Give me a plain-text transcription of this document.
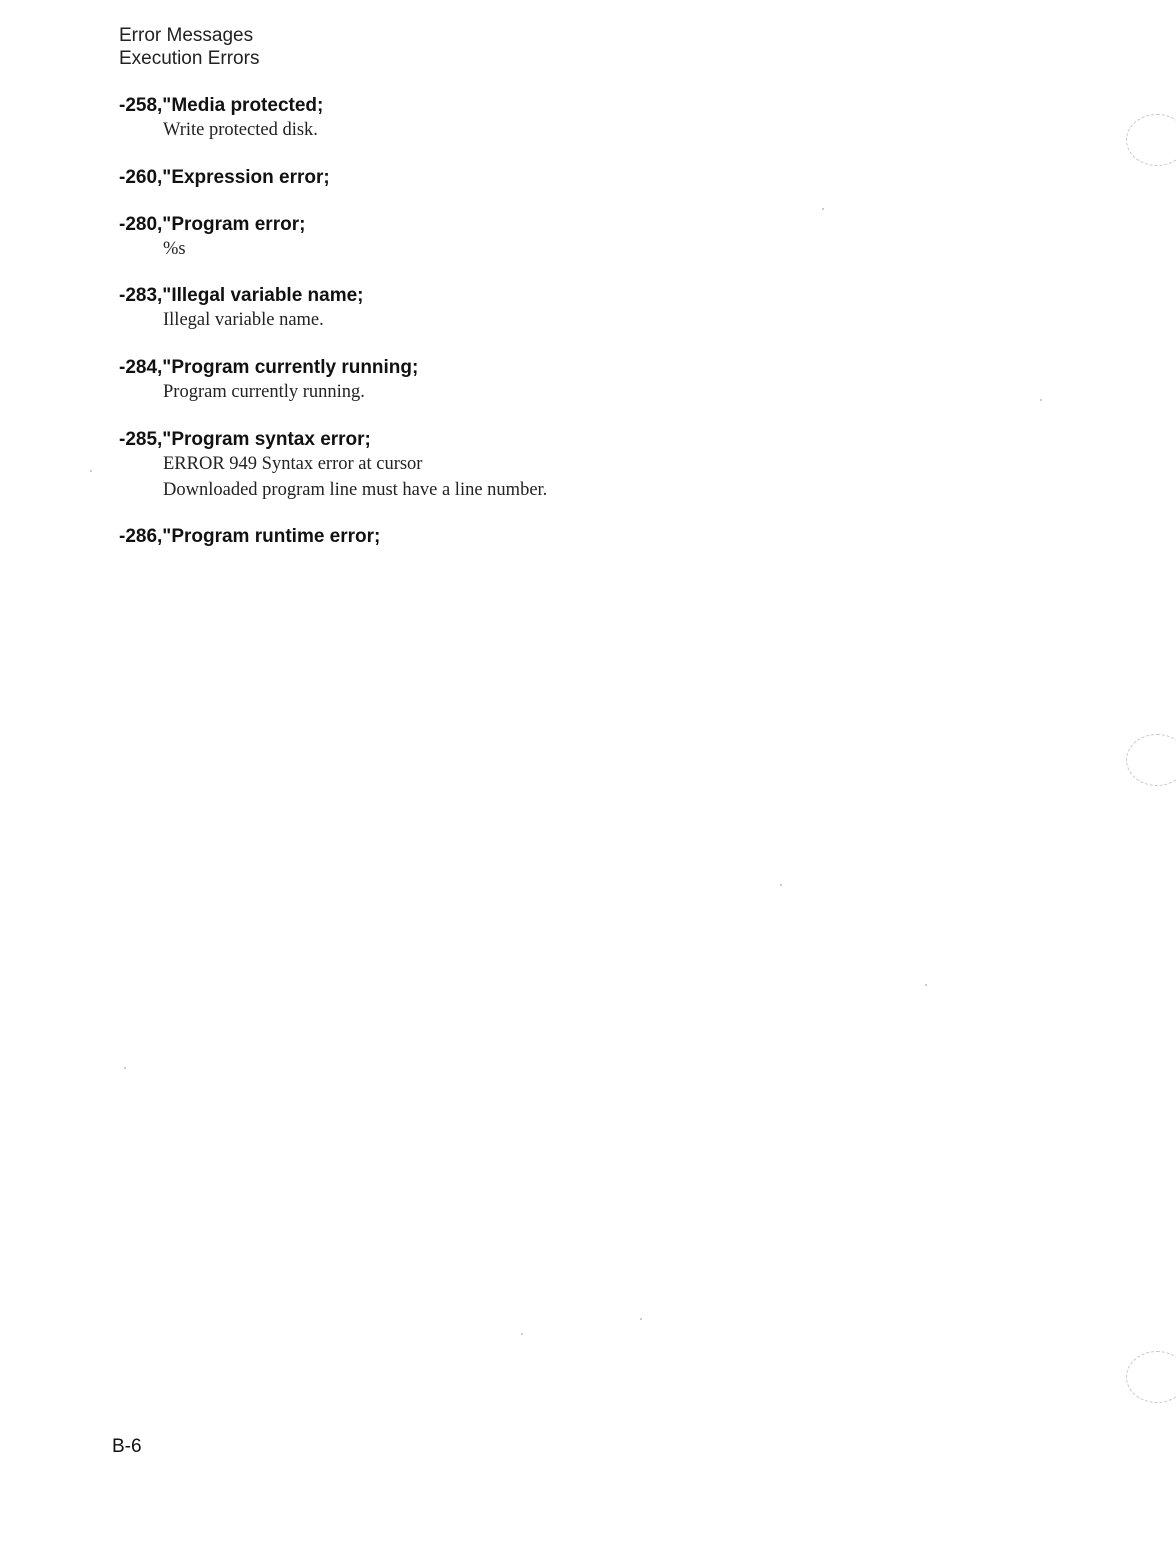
Error Messages
Execution Errors
-258,"Media protected;
Write protected disk.
-260,"Expression error;
-280,"Program error;
%s
-283,"Illegal variable name;
Illegal variable name.
-284,"Program currently running;
Program currently running.
-285,"Program syntax error;
ERROR 949 Syntax error at cursor
Downloaded program line must have a line number.
-286,"Program runtime error;
B-6
